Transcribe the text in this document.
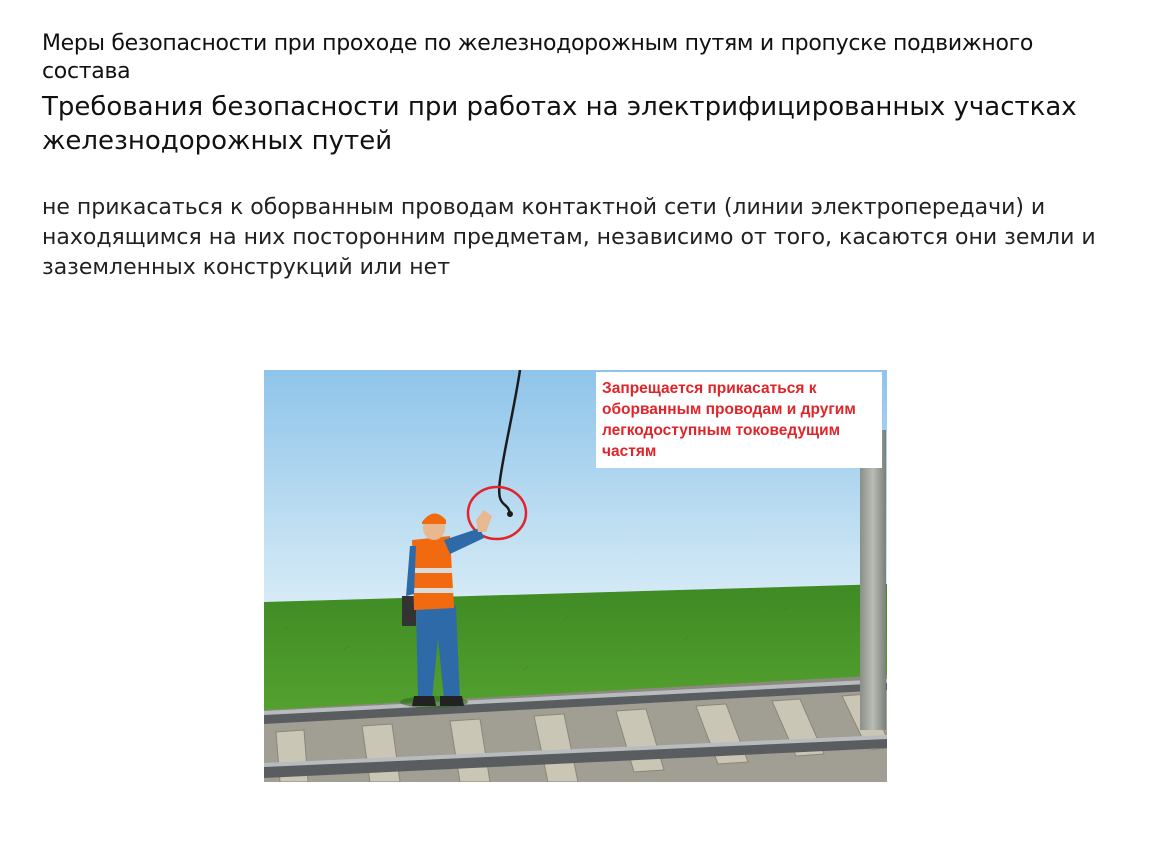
Меры безопасности при проходе по железнодорожным путям и пропуске подвижного состава
Требования безопасности при работах на электрифицированных участках железнодорожных путей

не прикасаться к оборванным проводам контактной сети (линии электропередачи) и находящимся на них посторонним предметам, независимо от того, касаются они земли и заземленных конструкций или нет

Запрещается прикасаться к оборванным проводам и другим легкодоступным токоведущим частям
